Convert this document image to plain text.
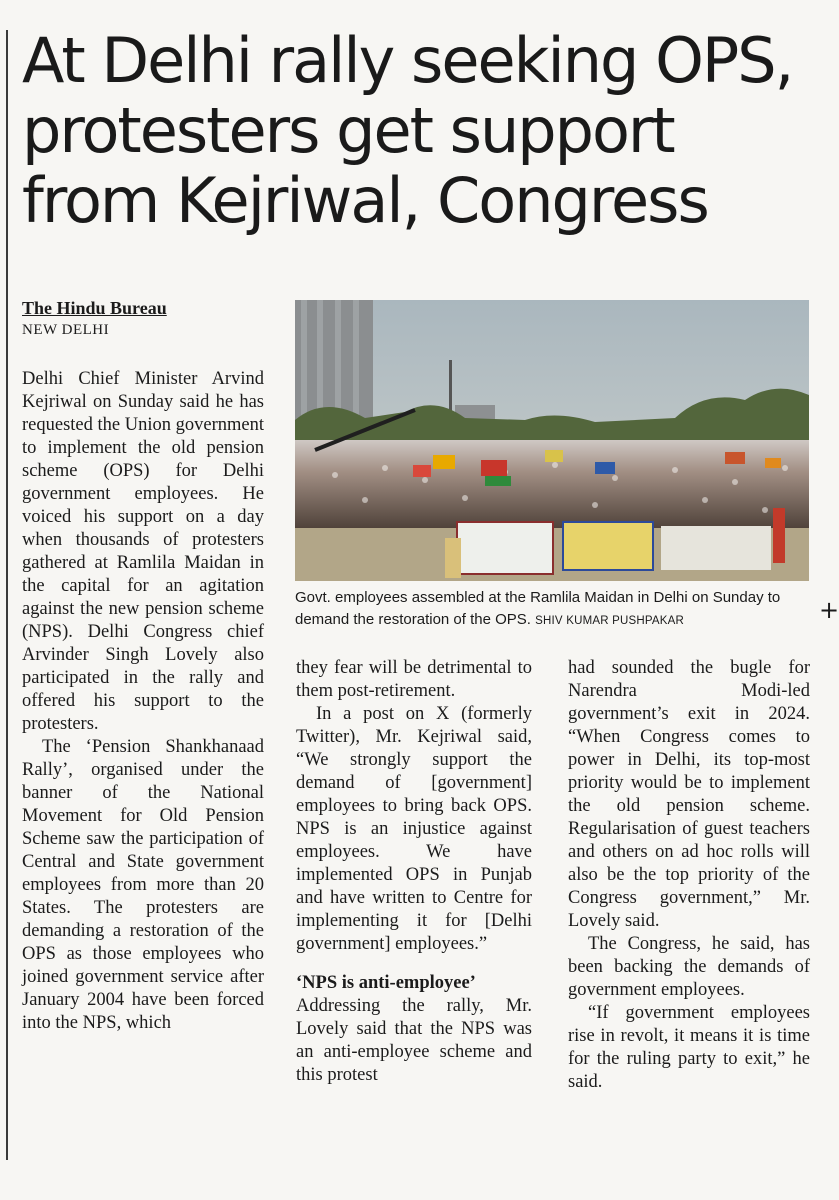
At Delhi rally seeking OPS, protesters get support from Kejriwal, Congress
The Hindu Bureau
NEW DELHI
Govt. employees assembled at the Ramlila Maidan in Delhi on Sunday to demand the restoration of the OPS. SHIV KUMAR PUSHPAKAR	+

Delhi Chief Minister Arvind Kejriwal on Sunday said he has requested the Union government to implement the old pension scheme (OPS) for Delhi government employees. He voiced his support on a day when thousands of protesters gathered at Ramlila Maidan in the capital for an agitation against the new pension scheme (NPS). Delhi Congress chief Arvinder Singh Lovely also participated in the rally and offered his support to the protesters.

The ‘Pension Shankhanaad Rally’, organised under the banner of the National Movement for Old Pension Scheme saw the participation of Central and State government employees from more than 20 States. The protesters are demanding a restoration of the OPS as those employees who joined government service after January 2004 have been forced into the NPS, which

they fear will be detrimental to them post-retirement.

In a post on X (formerly Twitter), Mr. Kejriwal said, “We strongly support the demand of [government] employees to bring back OPS. NPS is an injustice against employees. We have implemented OPS in Punjab and have written to Centre for implementing it for [Delhi government] employees.”

‘NPS is anti-employee’

Addressing the rally, Mr. Lovely said that the NPS was an anti-employee scheme and this protest

had sounded the bugle for Narendra Modi-led government’s exit in 2024. “When Congress comes to power in Delhi, its top-most priority would be to implement the old pension scheme. Regularisation of guest teachers and others on ad hoc rolls will also be the top priority of the Congress government,” Mr. Lovely said.

The Congress, he said, has been backing the demands of government employees.

“If government employees rise in revolt, it means it is time for the ruling party to exit,” he said.
